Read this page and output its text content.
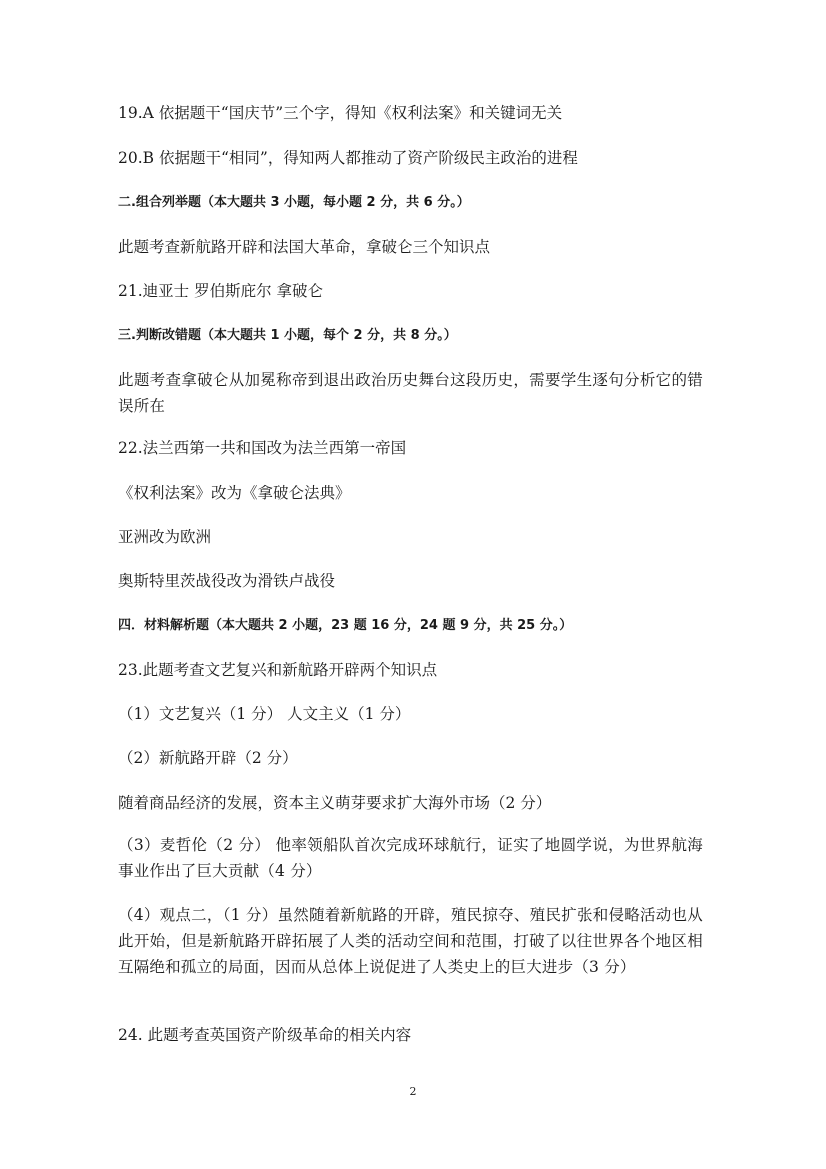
19.A 依据题干“国庆节”三个字，得知《权利法案》和关键词无关
20.B 依据题干“相同”，得知两人都推动了资产阶级民主政治的进程
二.组合列举题（本大题共 3 小题，每小题 2 分，共 6 分。）
此题考查新航路开辟和法国大革命，拿破仑三个知识点
21.迪亚士 罗伯斯庇尔 拿破仑
三.判断改错题（本大题共 1 小题，每个 2 分，共 8 分。）
此题考查拿破仑从加冕称帝到退出政治历史舞台这段历史，需要学生逐句分析它的错误所在
22.法兰西第一共和国改为法兰西第一帝国
《权利法案》改为《拿破仑法典》
亚洲改为欧洲
奥斯特里茨战役改为滑铁卢战役
四．材料解析题（本大题共 2 小题，23 题 16 分，24 题 9 分，共 25 分。）
23.此题考查文艺复兴和新航路开辟两个知识点
（1）文艺复兴（1 分） 人文主义（1 分）
（2）新航路开辟（2 分）
随着商品经济的发展，资本主义萌芽要求扩大海外市场（2 分）
（3）麦哲伦（2 分） 他率领船队首次完成环球航行，证实了地圆学说，为世界航海事业作出了巨大贡献（4 分）
（4）观点二，（1 分）虽然随着新航路的开辟，殖民掠夺、殖民扩张和侵略活动也从此开始，但是新航路开辟拓展了人类的活动空间和范围，打破了以往世界各个地区相互隔绝和孤立的局面，因而从总体上说促进了人类史上的巨大进步（3 分）
24. 此题考查英国资产阶级革命的相关内容
2
